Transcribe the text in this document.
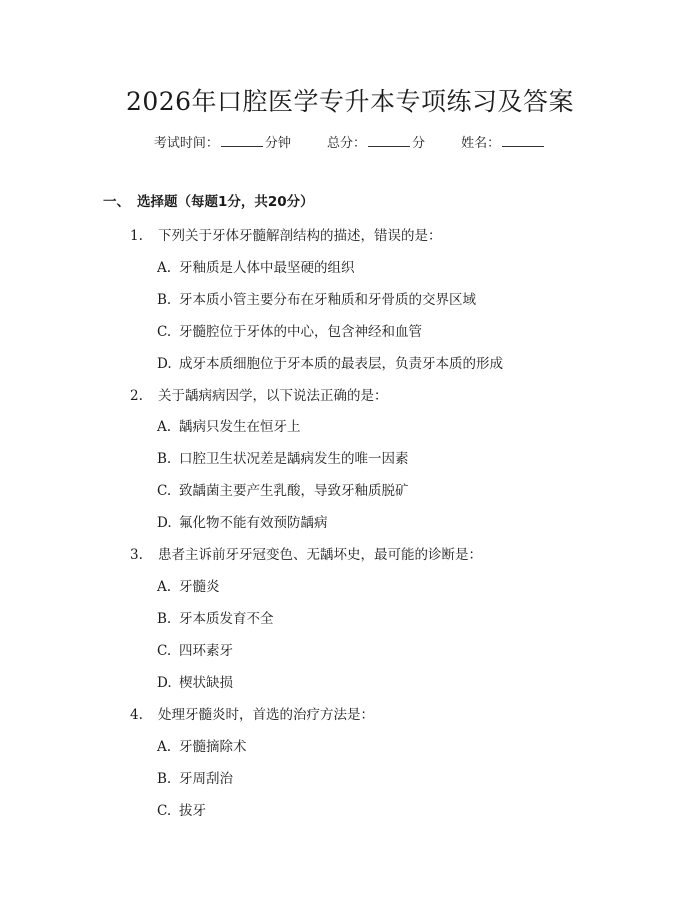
2026年口腔医学专升本专项练习及答案
考试时间：	分钟	总分：	分	姓名：
一、 选择题（每题1分，共20分）
1. 下列关于牙体牙髓解剖结构的描述，错误的是：
A. 牙釉质是人体中最坚硬的组织
B. 牙本质小管主要分布在牙釉质和牙骨质的交界区域
C. 牙髓腔位于牙体的中心，包含神经和血管
D. 成牙本质细胞位于牙本质的最表层，负责牙本质的形成
2. 关于龋病病因学，以下说法正确的是：
A. 龋病只发生在恒牙上
B. 口腔卫生状况差是龋病发生的唯一因素
C. 致龋菌主要产生乳酸，导致牙釉质脱矿
D. 氟化物不能有效预防龋病
3. 患者主诉前牙牙冠变色、无龋坏史，最可能的诊断是：
A. 牙髓炎
B. 牙本质发育不全
C. 四环素牙
D. 楔状缺损
4. 处理牙髓炎时，首选的治疗方法是：
A. 牙髓摘除术
B. 牙周刮治
C. 拔牙
